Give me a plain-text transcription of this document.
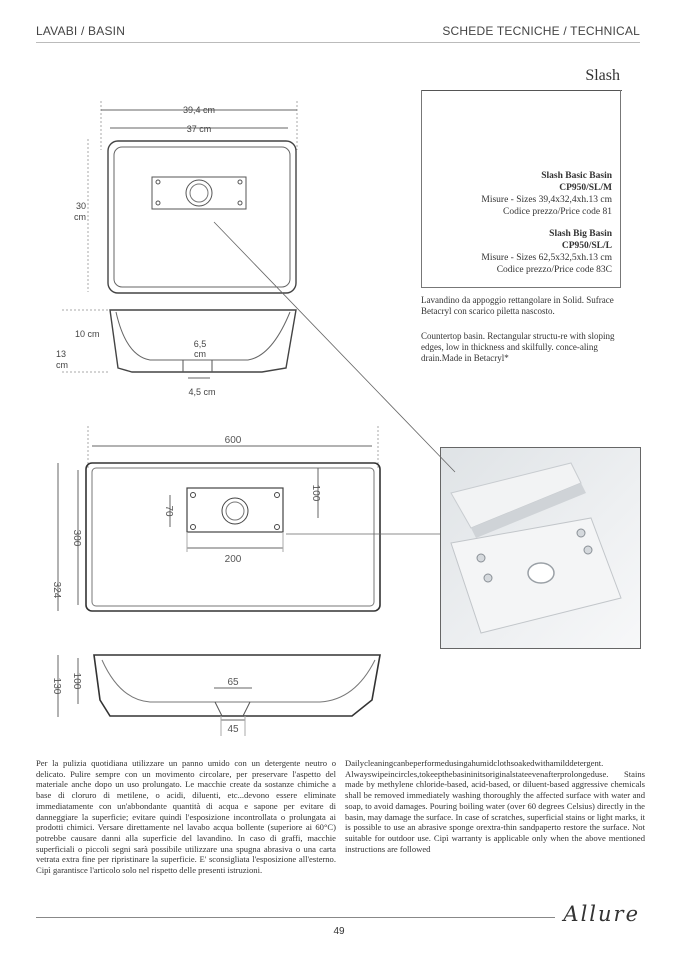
LAVABI / BASIN	SCHEDE TECNICHE / TECHNICAL
Slash
Slash Basic Basin
CP950/SL/M
Misure - Sizes 39,4x32,4xh.13 cm
Codice prezzo/Price code 81
Slash Big Basin
CP950/SL/L
Misure - Sizes 62,5x32,5xh.13 cm
Codice prezzo/Price code 83C
Lavandino da appoggio rettangolare in Solid. Sufrace Betacryl con scarico piletta nascosto.
Countertop basin. Rectangular structu-re with sloping edges, low in thickness and skilfully. conce-aling drain.Made in Betacryl*
39,4 cm
37 cm
30
cm
10 cm
13
cm
6,5
cm
4,5 cm
600
200
100
70
300
324
130 100	65
45
Per la pulizia quotidiana utilizzare un panno umido con un detergente neutro o delicato. Pulire sempre con un movimento circolare, per preservare l'aspetto del materiale anche dopo un uso prolungato. Le macchie create da sostanze chimiche a base di cloruro di metilene, o acidi, diluenti, etc...devono essere eliminate immediatamente con un'abbondante quantità di acqua e sapone per evitare di danneggiare la superficie; evitare quindi l'esposizione incontrollata o prolungata ai prodotti chimici. Versare direttamente nel lavabo acqua bollente (superiore ai 60°C) potrebbe causare danni alla superficie del lavandino. In caso di graffi, macchie superficiali o piccoli segni sarà possibile utilizzare una spugna abrasiva o una carta vetrata extra fine per ripristinare la superficie. E' sconsigliata l'esposizione all'esterno. Cipì garantisce l'articolo solo nel rispetto delle presenti istruzioni.
Dailycleaningcanbeperformedusingahumidclothsoakedwithamilddetergent. Alwayswipeincircles,tokeepthebasininitsoriginalstateevenafterprolongeduse. Stains made by methylene chloride-based, acid-based, or diluent-based aggressive chemicals shall be removed immediately washing thoroughly the affected surface with water and soap, to avoid damages. Pouring boiling water (over 60 degrees Celsius) directly in the basin, may damage the surface. In case of scratches, superficial stains or light marks, it is possible to use an abrasive sponge orextra-thin sandpaperto restore the surface. Not suitable for outdoor use. Cipì warranty is applicable only when the above mentioned instructions are followed
Allure
49
